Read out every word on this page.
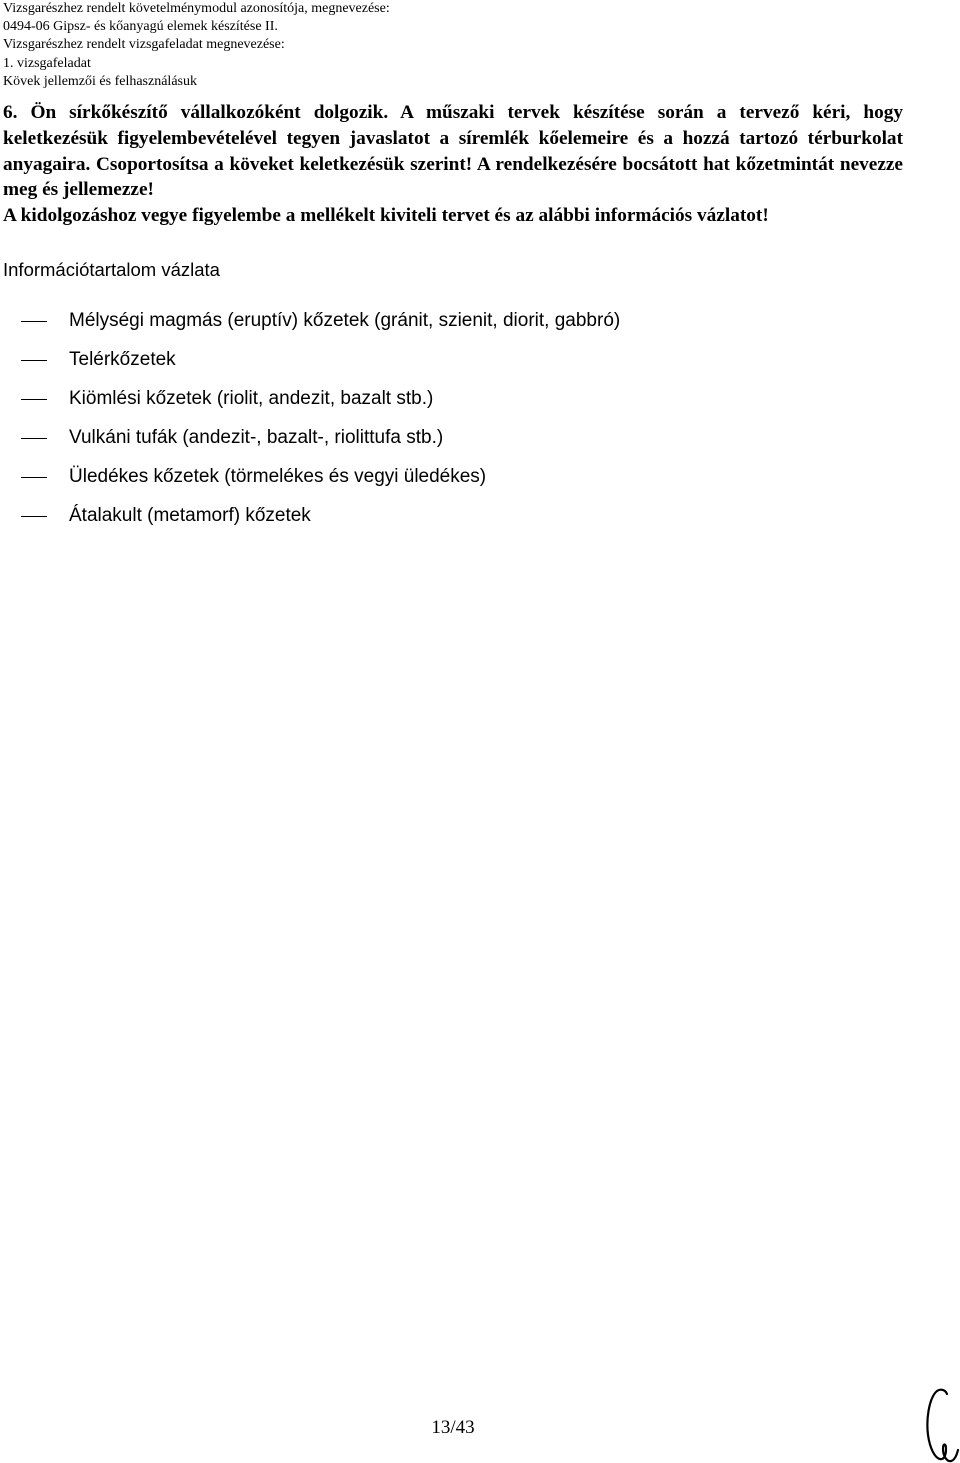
Vizsgarészhez rendelt követelménymodul azonosítója, megnevezése:
0494-06 Gipsz- és kőanyagú elemek készítése II.
Vizsgarészhez rendelt vizsgafeladat megnevezése:
1. vizsgafeladat
Kövek jellemzői és felhasználásuk

6. Ön sírkőkészítő vállalkozóként dolgozik. A műszaki tervek készítése során a tervező kéri, hogy keletkezésük figyelembevételével tegyen javaslatot a síremlék kőelemeire és a hozzá tartozó térburkolat anyagaira. Csoportosítsa a köveket keletkezésük szerint! A rendelkezésére bocsátott hat kőzetmintát nevezze meg és jellemezze!

A kidolgozáshoz vegye figyelembe a mellékelt kiviteli tervet és az alábbi információs vázlatot!

Információtartalom vázlata
Mélységi magmás (eruptív) kőzetek (gránit, szienit, diorit, gabbró)
Telérkőzetek
Kiömlési kőzetek (riolit, andezit, bazalt stb.)
Vulkáni tufák (andezit-, bazalt-, riolittufa stb.)
Üledékes kőzetek (törmelékes és vegyi üledékes)
Átalakult (metamorf) kőzetek
13/43
